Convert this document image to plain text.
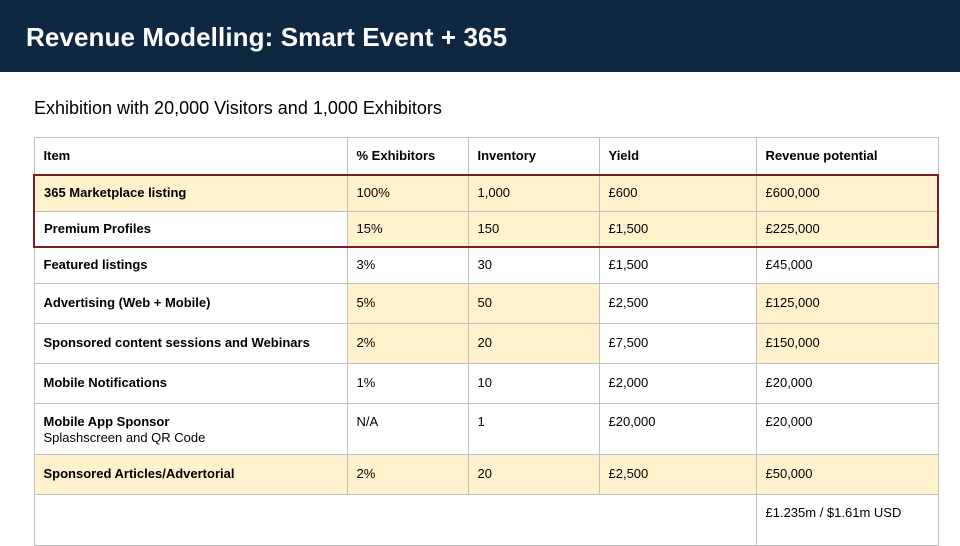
Revenue Modelling: Smart Event + 365

Exhibition with 20,000 Visitors and 1,000 Exhibitors

Item	% Exhibitors	Inventory	Yield	Revenue potential
365 Marketplace listing	100%	1,000	£600	£600,000
Premium Profiles	15%	150	£1,500	£225,000
Featured listings	3%	30	£1,500	£45,000
Advertising (Web + Mobile)	5%	50	£2,500	£125,000
Sponsored content sessions and Webinars	2%	20	£7,500	£150,000
Mobile Notifications	1%	10	£2,000	£20,000
Mobile App Sponsor
Splashscreen and QR Code	N/A	1	£20,000	£20,000
Sponsored Articles/Advertorial	2%	20	£2,500	£50,000
				£1.235m / $1.61m USD
